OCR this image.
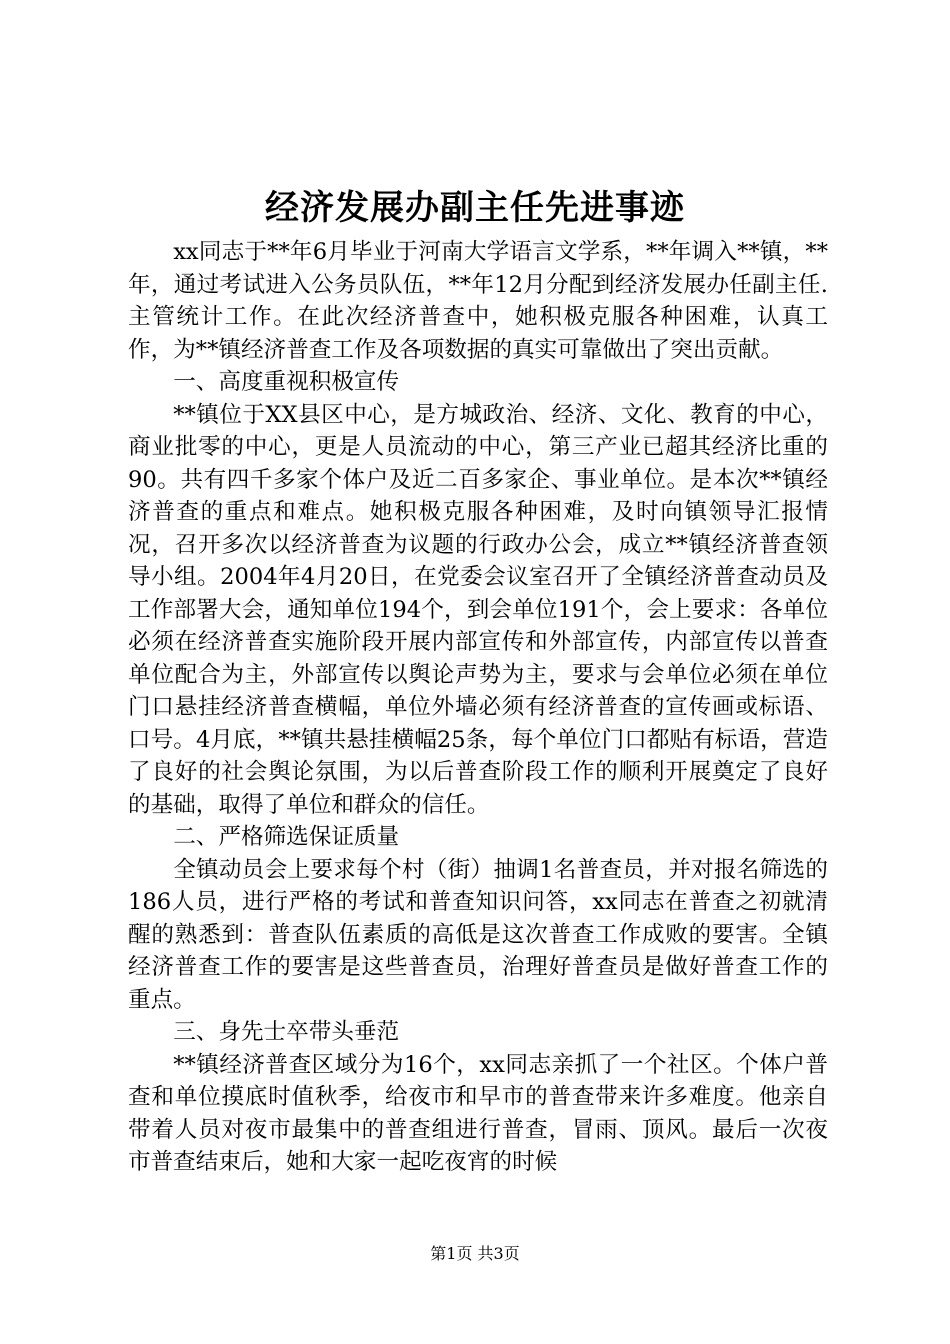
经济发展办副主任先进事迹

xx同志于**年6月毕业于河南大学语言文学系，**年调入**镇，**年，通过考试进入公务员队伍，**年12月分配到经济发展办任副主任.主管统计工作。在此次经济普查中，她积极克服各种困难，认真工作，为**镇经济普查工作及各项数据的真实可靠做出了突出贡献。

一、高度重视积极宣传

**镇位于XX县区中心，是方城政治、经济、文化、教育的中心，商业批零的中心，更是人员流动的中心，第三产业已超其经济比重的90。共有四千多家个体户及近二百多家企、事业单位。是本次**镇经济普查的重点和难点。她积极克服各种困难，及时向镇领导汇报情况，召开多次以经济普查为议题的行政办公会，成立**镇经济普查领导小组。2004年4月20日，在党委会议室召开了全镇经济普查动员及工作部署大会，通知单位194个，到会单位191个，会上要求：各单位必须在经济普查实施阶段开展内部宣传和外部宣传，内部宣传以普查单位配合为主，外部宣传以舆论声势为主，要求与会单位必须在单位门口悬挂经济普查横幅，单位外墙必须有经济普查的宣传画或标语、口号。4月底，**镇共悬挂横幅25条，每个单位门口都贴有标语，营造了良好的社会舆论氛围，为以后普查阶段工作的顺利开展奠定了良好的基础，取得了单位和群众的信任。

二、严格筛选保证质量

全镇动员会上要求每个村（街）抽调1名普查员，并对报名筛选的186人员，进行严格的考试和普查知识问答，xx同志在普查之初就清醒的熟悉到：普查队伍素质的高低是这次普查工作成败的要害。全镇经济普查工作的要害是这些普查员，治理好普查员是做好普查工作的重点。

三、身先士卒带头垂范

**镇经济普查区域分为16个，xx同志亲抓了一个社区。个体户普查和单位摸底时值秋季，给夜市和早市的普查带来许多难度。他亲自带着人员对夜市最集中的普查组进行普查，冒雨、顶风。最后一次夜市普查结束后，她和大家一起吃夜宵的时候

第1页 共3页
